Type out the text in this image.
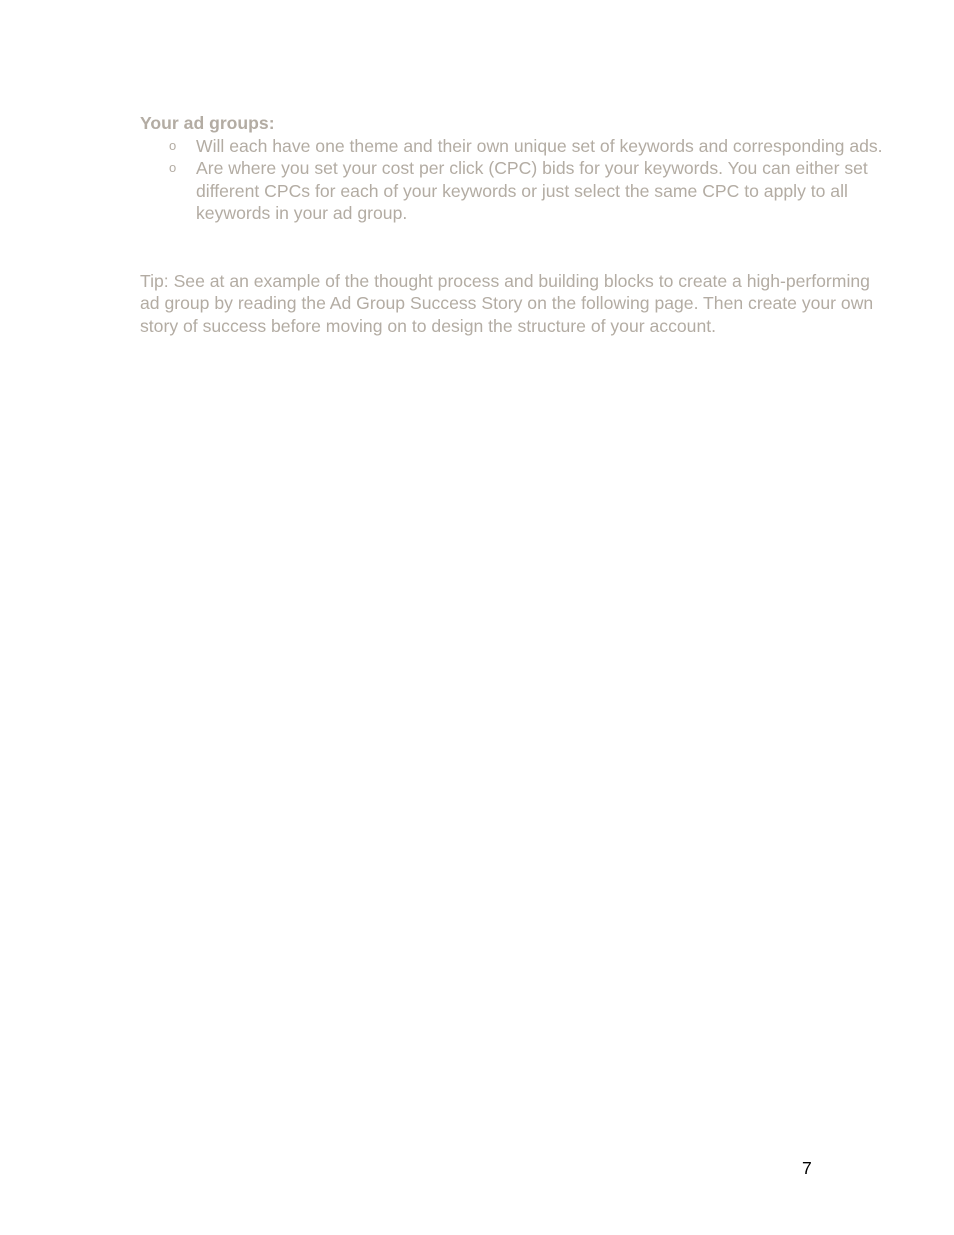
Your ad groups:

o Will each have one theme and their own unique set of keywords and corresponding ads.
o Are where you set your cost per click (CPC) bids for your keywords. You can either set different CPCs for each of your keywords or just select the same CPC to apply to all keywords in your ad group.

Tip: See at an example of the thought process and building blocks to create a high-performing ad group by reading the Ad Group Success Story on the following page. Then create your own story of success before moving on to design the structure of your account.

7
